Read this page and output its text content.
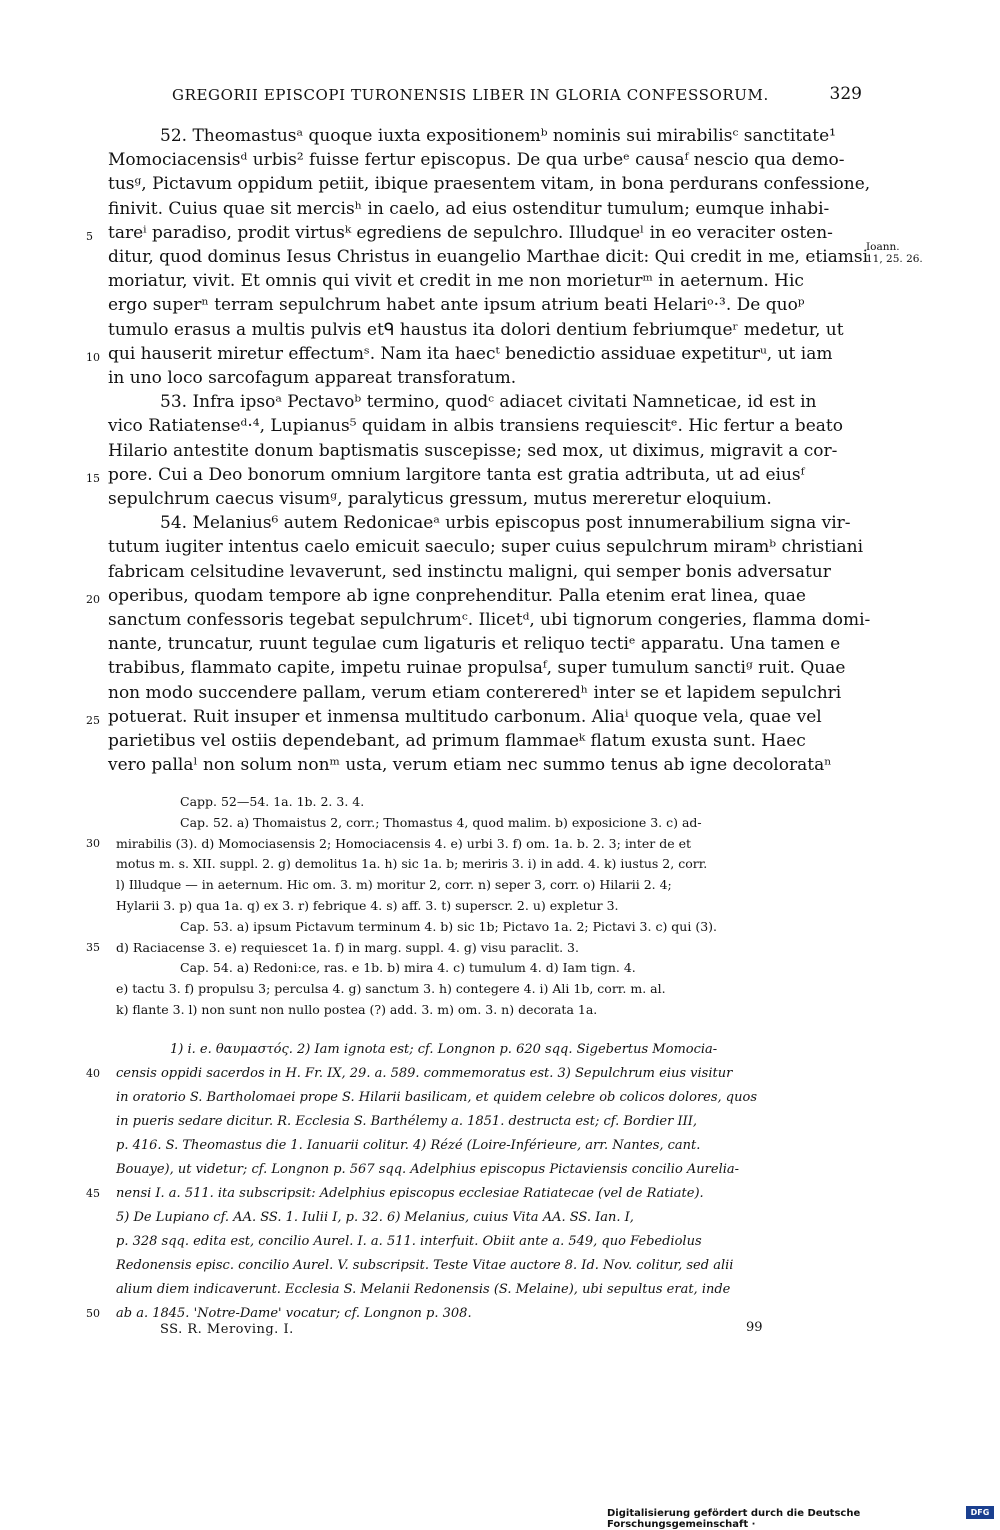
GREGORII EPISCOPI TURONENSIS LIBER IN GLORIA CONFESSORUM.	329
Ioann.
11, 25. 26.
52. Theomastusᵃ quoque iuxta expositionemᵇ nominis sui mirabilisᶜ sanctitate¹
Momociacensisᵈ urbis² fuisse fertur episcopus. De qua urbeᵉ causaᶠ nescio qua demo-
tusᵍ, Pictavum oppidum petiit, ibique praesentem vitam, in bona perdurans confessione,
finivit. Cuius quae sit mercisʰ in caelo, ad eius ostenditur tumulum; eumque inhabi-
5 tareⁱ paradiso, prodit virtusᵏ egrediens de sepulchro. Illudqueˡ in eo veraciter osten-
ditur, quod dominus Iesus Christus in euangelio Marthae dicit: Qui credit in me, etiamsi
moriatur, vivit. Et omnis qui vivit et credit in me non morieturᵐ in aeternum. Hic
ergo superⁿ terram sepulchrum habet ante ipsum atrium beati Helariᵒ·³. De quoᵖ
tumulo erasus a multis pulvis etᑫ haustus ita dolori dentium febriumqueʳ medetur, ut
10 qui hauserit miretur effectumˢ. Nam ita haecᵗ benedictio assiduae expetiturᵘ, ut iam
in uno loco sarcofagum appareat transforatum.
53. Infra ipsoᵃ Pectavoᵇ termino, quodᶜ adiacet civitati Namneticae, id est in
vico Ratiatenseᵈ·⁴, Lupianus⁵ quidam in albis transiens requiescitᵉ. Hic fertur a beato
Hilario antestite donum baptismatis suscepisse; sed mox, ut diximus, migravit a cor-
15 pore. Cui a Deo bonorum omnium largitore tanta est gratia adtributa, ut ad eiusᶠ
sepulchrum caecus visumᵍ, paralyticus gressum, mutus mereretur eloquium.
54. Melanius⁶ autem Redonicaeᵃ urbis episcopus post innumerabilium signa vir-
tutum iugiter intentus caelo emicuit saeculo; super cuius sepulchrum miramᵇ christiani
fabricam celsitudine levaverunt, sed instinctu maligni, qui semper bonis adversatur
20 operibus, quodam tempore ab igne conprehenditur. Palla etenim erat linea, quae
sanctum confessoris tegebat sepulchrumᶜ. Ilicetᵈ, ubi tignorum congeries, flamma domi-
nante, truncatur, ruunt tegulae cum ligaturis et reliquo tectiᵉ apparatu. Una tamen e
trabibus, flammato capite, impetu ruinae propulsaᶠ, super tumulum sanctiᵍ ruit. Quae
non modo succendere pallam, verum etiam contereredʰ inter se et lapidem sepulchri
25 potuerat. Ruit insuper et inmensa multitudo carbonum. Aliaⁱ quoque vela, quae vel
parietibus vel ostiis dependebant, ad primum flammaeᵏ flatum exusta sunt. Haec
vero pallaˡ non solum nonᵐ usta, verum etiam nec summo tenus ab igne decolorataⁿ
Capp. 52—54. 1a. 1b. 2. 3. 4.
Cap. 52. a) Thomaistus 2, corr.; Thomastus 4, quod malim. b) exposicione 3. c) ad-
30 mirabilis (3). d) Momociasensis 2; Homociacensis 4. e) urbi 3. f) om. 1a. b. 2. 3; inter de et
motus m. s. XII. suppl. 2. g) demolitus 1a. h) sic 1a. b; meriris 3. i) in add. 4. k) iustus 2, corr.
l) Illudque — in aeternum. Hic om. 3. m) moritur 2, corr. n) seper 3, corr. o) Hilarii 2. 4;
Hylarii 3. p) qua 1a. q) ex 3. r) febrique 4. s) aff. 3. t) superscr. 2. u) expletur 3.
Cap. 53. a) ipsum Pictavum terminum 4. b) sic 1b; Pictavo 1a. 2; Pictavi 3. c) qui (3).
35 d) Raciacense 3. e) requiescet 1a. f) in marg. suppl. 4. g) visu paraclit. 3.
Cap. 54. a) Redoni:ce, ras. e 1b. b) mira 4. c) tumulum 4. d) Iam tign. 4.
e) tactu 3. f) propulsu 3; perculsa 4. g) sanctum 3. h) contegere 4. i) Ali 1b, corr. m. al.
k) flante 3. l) non sunt non nullo postea (?) add. 3. m) om. 3. n) decorata 1a.
1) i. e. θαυμαστός. 2) Iam ignota est; cf. Longnon p. 620 sqq. Sigebertus Momocia-
40 censis oppidi sacerdos in H. Fr. IX, 29. a. 589. commemoratus est. 3) Sepulchrum eius visitur
in oratorio S. Bartholomaei prope S. Hilarii basilicam, et quidem celebre ob colicos dolores, quos
in pueris sedare dicitur. R. Ecclesia S. Barthélemy a. 1851. destructa est; cf. Bordier III,
p. 416. S. Theomastus die 1. Ianuarii colitur. 4) Rézé (Loire-Inférieure, arr. Nantes, cant.
Bouaye), ut videtur; cf. Longnon p. 567 sqq. Adelphius episcopus Pictaviensis concilio Aurelia-
45 nensi I. a. 511. ita subscripsit: Adelphius episcopus ecclesiae Ratiatecae (vel de Ratiate).
5) De Lupiano cf. AA. SS. 1. Iulii I, p. 32. 6) Melanius, cuius Vita AA. SS. Ian. I,
p. 328 sqq. edita est, concilio Aurel. I. a. 511. interfuit. Obiit ante a. 549, quo Febediolus
Redonensis episc. concilio Aurel. V. subscripsit. Teste Vitae auctore 8. Id. Nov. colitur, sed alii
alium diem indicaverunt. Ecclesia S. Melanii Redonensis (S. Melaine), ubi sepultus erat, inde
50 ab a. 1845. 'Notre-Dame' vocatur; cf. Longnon p. 308.
SS. R. Meroving. I.	99
Digitalisierung gefördert durch die Deutsche Forschungsgemeinschaft ·
DFG
